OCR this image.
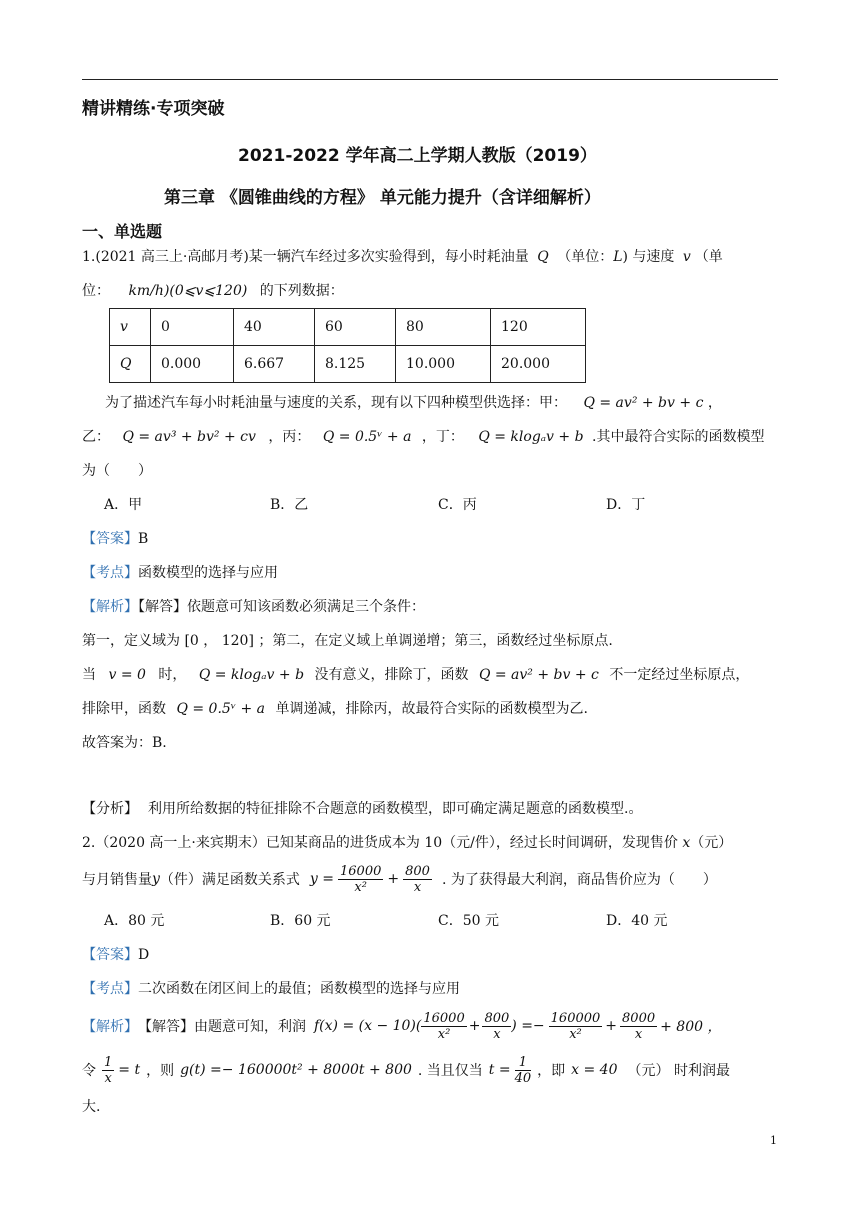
精讲精练·专项突破
2021-2022 学年高二上学期人教版（2019）
第三章 《圆锥曲线的方程》 单元能力提升（含详细解析）
一、单选题
1.(2021 高三上·高邮月考)某一辆汽车经过多次实验得到，每小时耗油量 Q （单位：L) 与速度 v （单
位： km/h)(0⩽v⩽120) 的下列数据：
v	0	40	60	80	120
Q	0.000	6.667	8.125	10.000	20.000
为了描述汽车每小时耗油量与速度的关系，现有以下四种模型供选择：甲： Q = av² + bv + c ，
乙： Q = av³ + bv² + cv ，丙： Q = 0.5ᵛ + a ，丁： Q = klogₐv + b .其中最符合实际的函数模型
为（　　）
A．甲	B．乙	C．丙	D．丁
【答案】B
【考点】函数模型的选择与应用
【解析】【解答】依题意可知该函数必须满足三个条件：
第一，定义域为 [0 ， 120] ；第二，在定义域上单调递增；第三，函数经过坐标原点.
当 v = 0 时， Q = klogₐv + b 没有意义，排除丁，函数 Q = av² + bv + c 不一定经过坐标原点，
排除甲，函数 Q = 0.5ᵛ + a 单调递减，排除丙，故最符合实际的函数模型为乙.
故答案为：B.
【分析】 利用所给数据的特征排除不合题意的函数模型，即可确定满足题意的函数模型.。
2.（2020 高一上·来宾期末）已知某商品的进货成本为 10（元/件），经过长时间调研，发现售价 x（元）
与月销售量 y （件）满足函数关系式 $y = \frac{16000}{\text{x²}} + \frac{800}{x}$ . 为了获得最大利润，商品售价应为（　　）
A．80 元	B．60 元	C．50 元	D．40 元
【答案】D
【考点】二次函数在闭区间上的最值；函数模型的选择与应用
【解析】 【解答】由题意可知，利润 $f(x) = (x - 10)( \frac{16000}{\text{x²}} + \frac{800}{x}$ ) =− $\frac{160000}{\text{x²}} + \frac{8000}{x} + 800$ ，
令 $\frac{1}{x} = t$ ，则 g(t) =− 160000t² + 8000t + 800 . 当且仅当 $t = \frac{1}{40}$ ，即 x = 40 （元） 时利润最
大.
1
